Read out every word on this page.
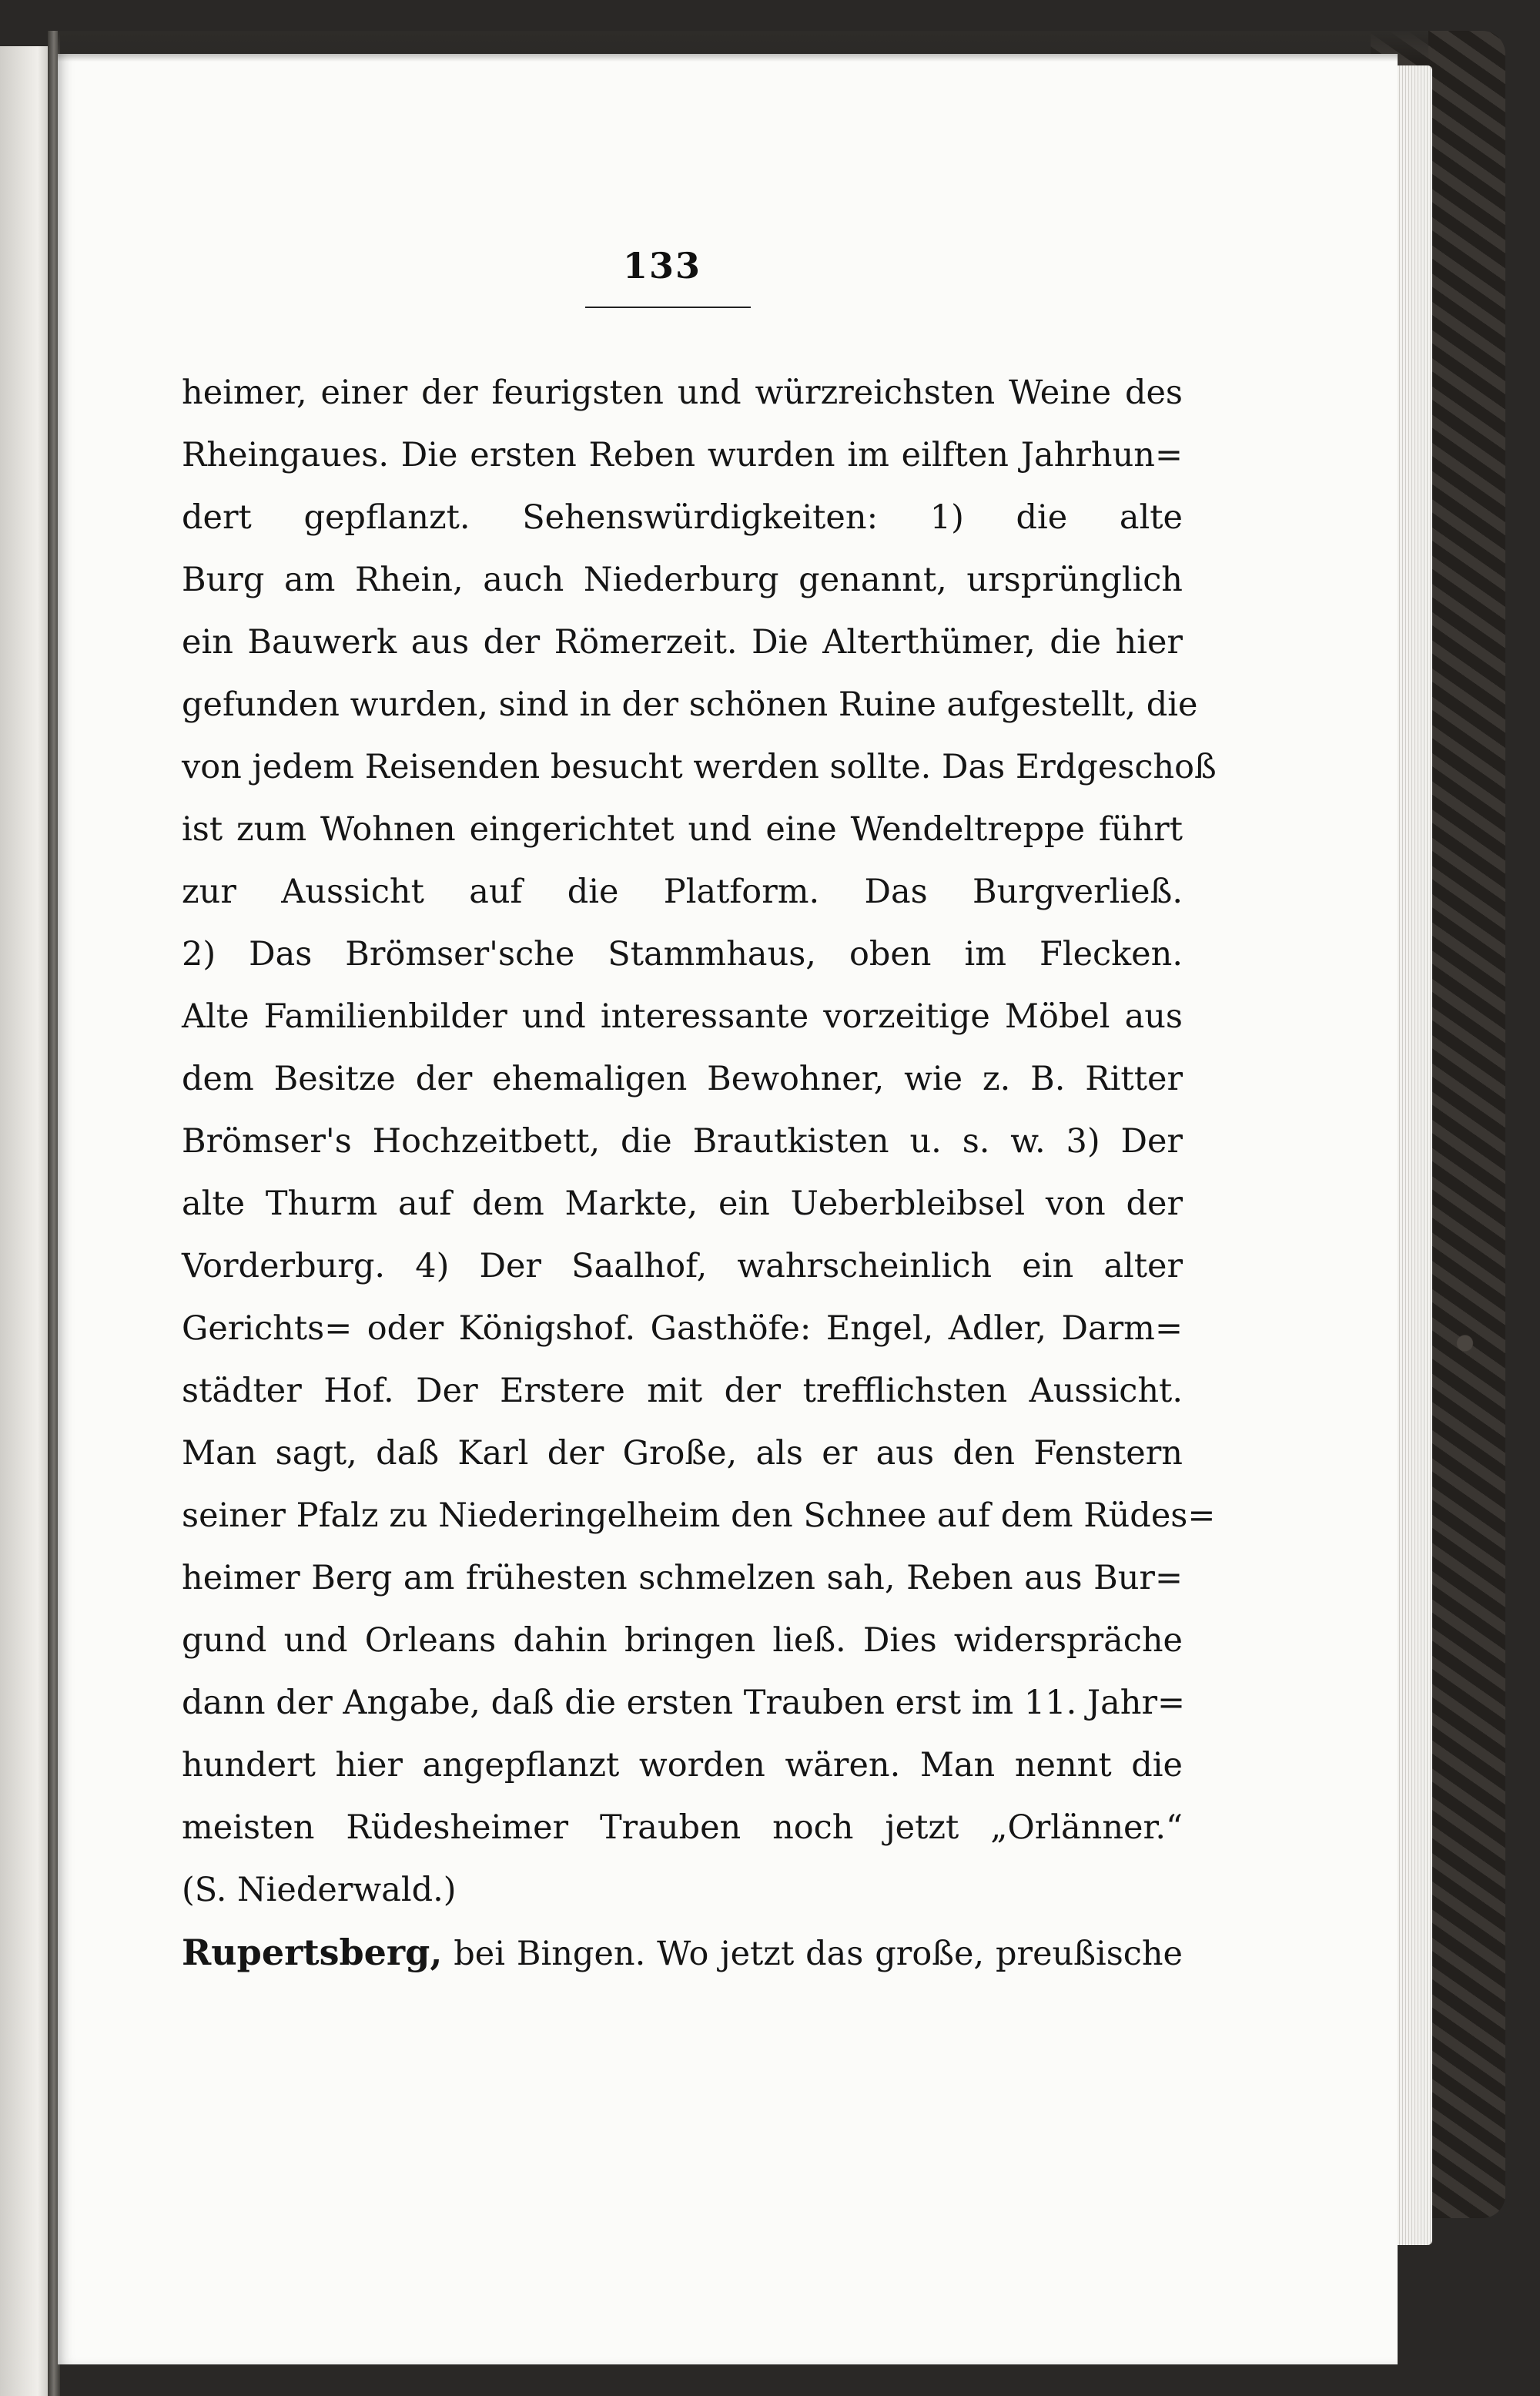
133
heimer, einer der feurigsten und würzreichsten Weine des
Rheingaues. Die ersten Reben wurden im eilften Jahrhun=
dert gepflanzt. Sehenswürdigkeiten: 1) die alte
Burg am Rhein, auch Niederburg genannt, ursprünglich
ein Bauwerk aus der Römerzeit. Die Alterthümer, die hier
gefunden wurden, sind in der schönen Ruine aufgestellt, die
von jedem Reisenden besucht werden sollte. Das Erdgeschoß
ist zum Wohnen eingerichtet und eine Wendeltreppe führt
zur Aussicht auf die Platform. Das Burgverließ.
2) Das Brömser'sche Stammhaus, oben im Flecken.
Alte Familienbilder und interessante vorzeitige Möbel aus
dem Besitze der ehemaligen Bewohner, wie z. B. Ritter
Brömser's Hochzeitbett, die Brautkisten u. s. w. 3) Der
alte Thurm auf dem Markte, ein Ueberbleibsel von der
Vorderburg. 4) Der Saalhof, wahrscheinlich ein alter
Gerichts= oder Königshof. Gasthöfe: Engel, Adler, Darm=
städter Hof. Der Erstere mit der trefflichsten Aussicht.
Man sagt, daß Karl der Große, als er aus den Fenstern
seiner Pfalz zu Niederingelheim den Schnee auf dem Rüdes=
heimer Berg am frühesten schmelzen sah, Reben aus Bur=
gund und Orleans dahin bringen ließ. Dies widerspräche
dann der Angabe, daß die ersten Trauben erst im 11. Jahr=
hundert hier angepflanzt worden wären. Man nennt die
meisten Rüdesheimer Trauben noch jetzt „Orlänner.“
(S. Niederwald.)
Rupertsberg, bei Bingen. Wo jetzt das große, preußische
